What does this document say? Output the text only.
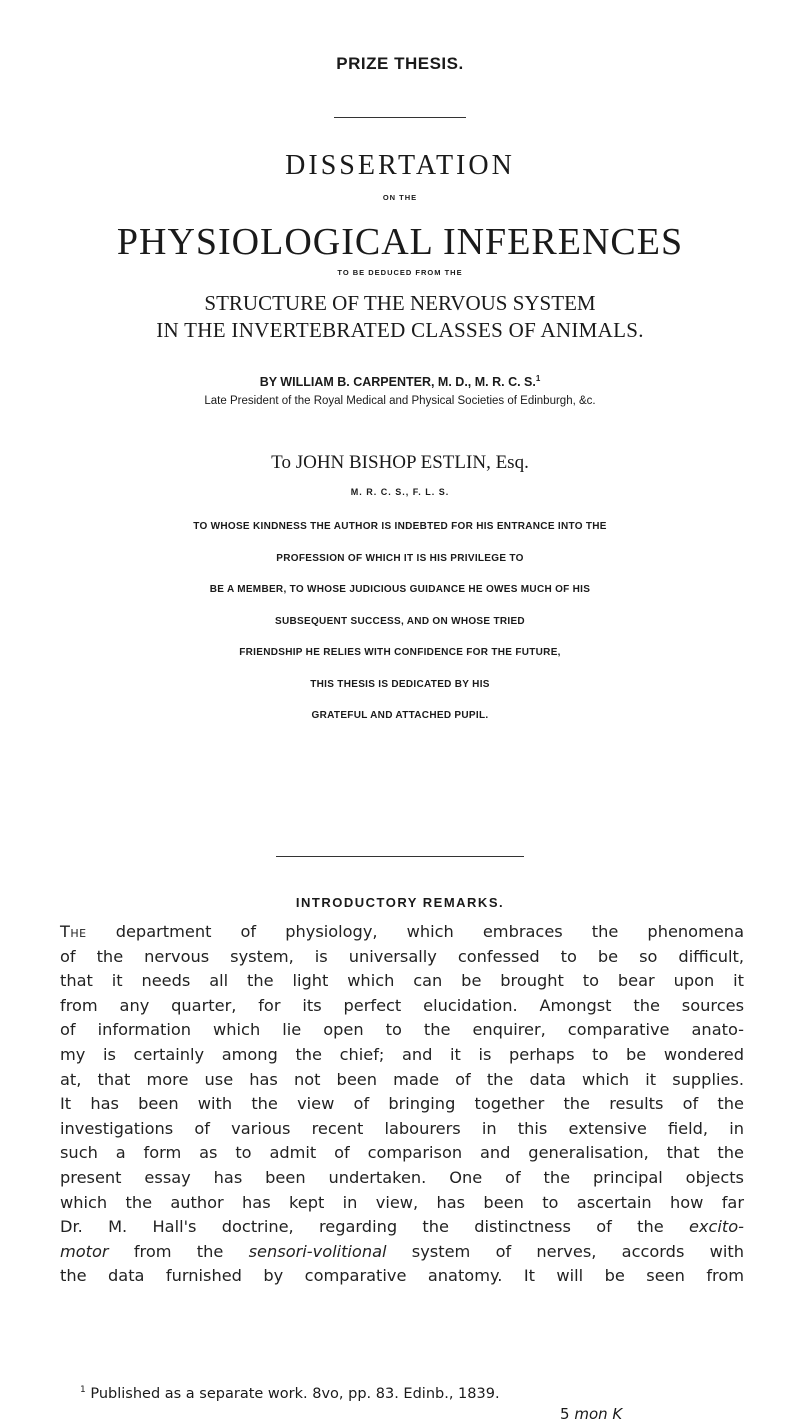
PRIZE THESIS.
DISSERTATION
ON THE
PHYSIOLOGICAL INFERENCES
TO BE DEDUCED FROM THE
STRUCTURE OF THE NERVOUS SYSTEM
IN THE INVERTEBRATED CLASSES OF ANIMALS.
BY WILLIAM B. CARPENTER, M. D., M. R. C. S.$^1$
Late President of the Royal Medical and Physical Societies of Edinburgh, &c.
To JOHN BISHOP ESTLIN, Esq.
M. R. C. S., F. L. S.
TO WHOSE KINDNESS THE AUTHOR IS INDEBTED FOR HIS ENTRANCE INTO THE
PROFESSION OF WHICH IT IS HIS PRIVILEGE TO
BE A MEMBER, TO WHOSE JUDICIOUS GUIDANCE HE OWES MUCH OF HIS
SUBSEQUENT SUCCESS, AND ON WHOSE TRIED
FRIENDSHIP HE RELIES WITH CONFIDENCE FOR THE FUTURE,
THIS THESIS IS DEDICATED BY HIS
GRATEFUL AND ATTACHED PUPIL.
INTRODUCTORY REMARKS.
The department of physiology, which embraces the phenomena
of the nervous system, is universally confessed to be so difficult,
that it needs all the light which can be brought to bear upon it
from any quarter, for its perfect elucidation. Amongst the sources
of information which lie open to the enquirer, comparative anato-
my is certainly among the chief; and it is perhaps to be wondered
at, that more use has not been made of the data which it supplies.
It has been with the view of bringing together the results of the
investigations of various recent labourers in this extensive field, in
such a form as to admit of comparison and generalisation, that the
present essay has been undertaken. One of the principal objects
which the author has kept in view, has been to ascertain how far
Dr. M. Hall's doctrine, regarding the distinctness of the excito-
motor from the sensori-volitional system of nerves, accords with
the data furnished by comparative anatomy. It will be seen from
$^1$ Published as a separate work. 8vo, pp. 83. Edinb., 1839.
5 mon K
